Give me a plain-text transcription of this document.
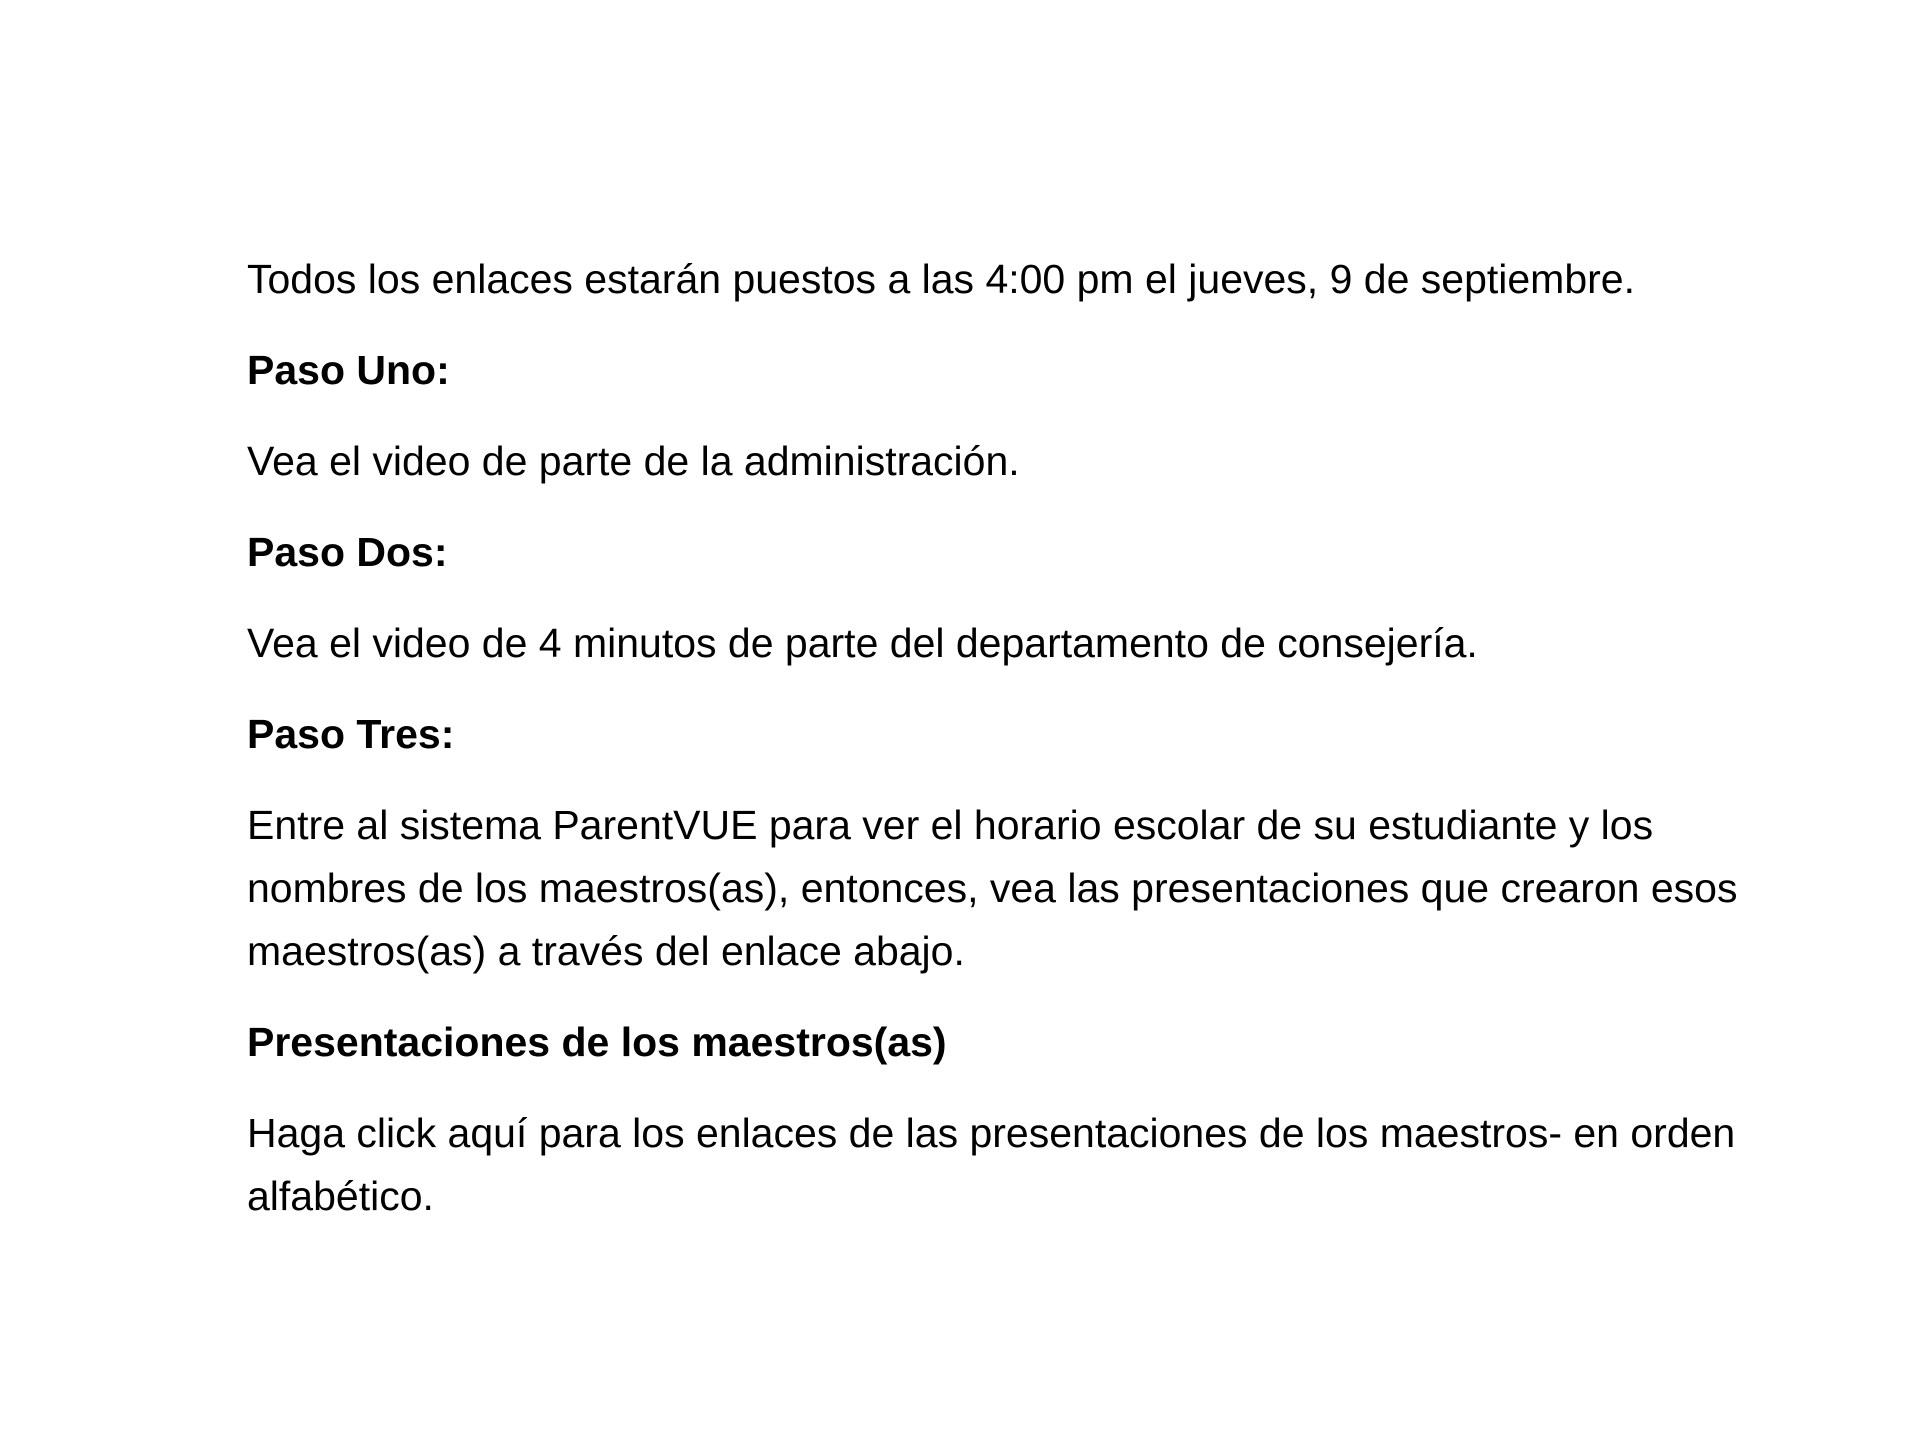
Todos los enlaces estarán puestos a las 4:00 pm el jueves, 9 de septiembre.

Paso Uno:

Vea el video de parte de la administración.

Paso Dos:

Vea el video de 4 minutos de parte del departamento de consejería.

Paso Tres:

Entre al sistema ParentVUE para ver el horario escolar de su estudiante y los
nombres de los maestros(as), entonces, vea las presentaciones que crearon esos
maestros(as) a través del enlace abajo.

Presentaciones de los maestros(as)

Haga click aquí para los enlaces de las presentaciones de los maestros- en orden
alfabético.
